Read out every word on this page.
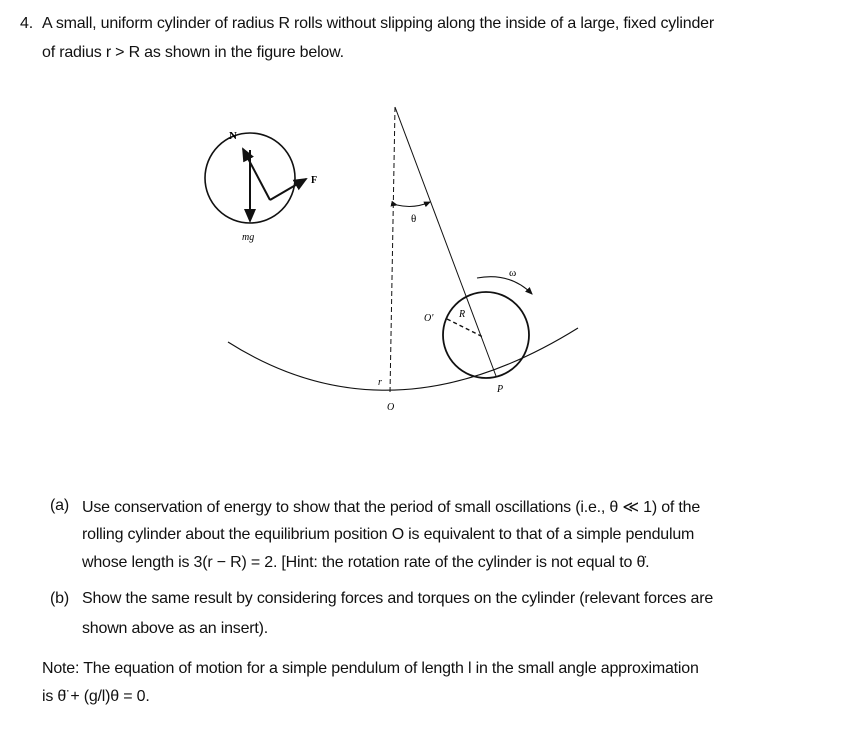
4. A small, uniform cylinder of radius R rolls without slipping along the inside of a large, fixed cylinder
of radius r > R as shown in the figure below.
N
F
mg
θ
ω
O'	R
r
P
O
(a) Use conservation of energy to show that the period of small oscillations (i.e., θ ≪ 1) of the
rolling cylinder about the equilibrium position O is equivalent to that of a simple pendulum
whose length is 3(r − R) = 2. [Hint: the rotation rate of the cylinder is not equal to θ̇.
(b) Show the same result by considering forces and torques on the cylinder (relevant forces are
shown above as an insert).
Note: The equation of motion for a simple pendulum of length l in the small angle approximation
is θ̈ + (g/l)θ = 0.
